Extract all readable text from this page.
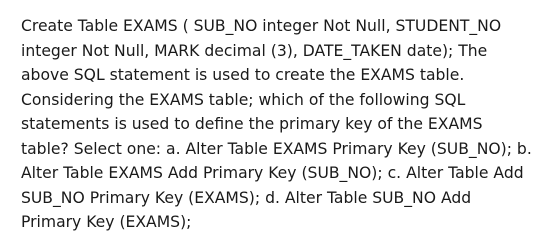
Create Table EXAMS ( SUB_NO integer Not Null, STUDENT_NO
integer Not Null, MARK decimal (3), DATE_TAKEN date); The
above SQL statement is used to create the EXAMS table.
Considering the EXAMS table; which of the following SQL
statements is used to define the primary key of the EXAMS
table? Select one: a. Alter Table EXAMS Primary Key (SUB_NO); b.
Alter Table EXAMS Add Primary Key (SUB_NO); c. Alter Table Add
SUB_NO Primary Key (EXAMS); d. Alter Table SUB_NO Add
Primary Key (EXAMS);
